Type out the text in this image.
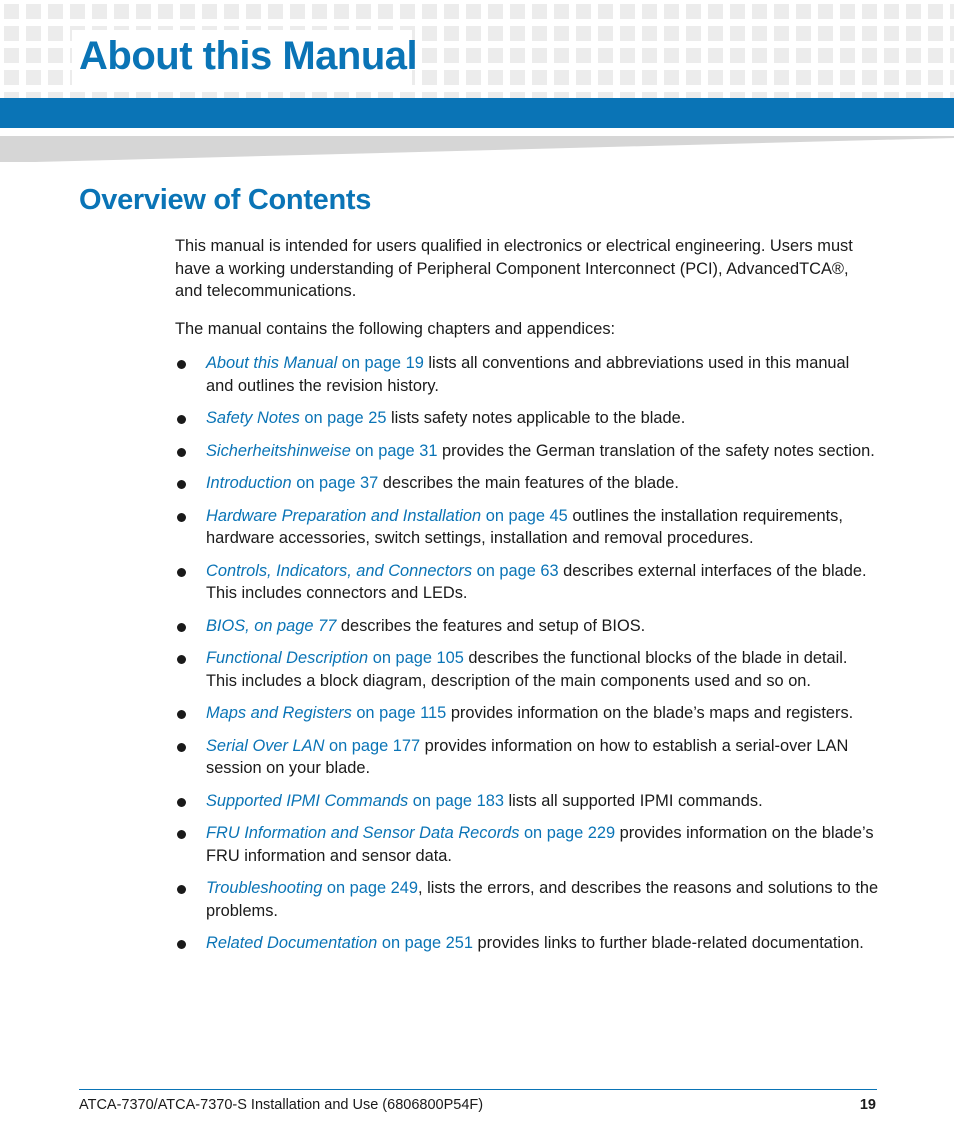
About this Manual
Overview of Contents

This manual is intended for users qualified in electronics or electrical engineering. Users must have a working understanding of Peripheral Component Interconnect (PCI), AdvancedTCA®, and telecommunications.

The manual contains the following chapters and appendices:

About this Manual on page 19 lists all conventions and abbreviations used in this manual and outlines the revision history.
Safety Notes on page 25 lists safety notes applicable to the blade.
Sicherheitshinweise on page 31 provides the German translation of the safety notes section.
Introduction on page 37 describes the main features of the blade.
Hardware Preparation and Installation on page 45 outlines the installation requirements, hardware accessories, switch settings, installation and removal procedures.
Controls, Indicators, and Connectors on page 63 describes external interfaces of the blade. This includes connectors and LEDs.
BIOS, on page 77 describes the features and setup of BIOS.
Functional Description on page 105 describes the functional blocks of the blade in detail. This includes a block diagram, description of the main components used and so on.
Maps and Registers on page 115 provides information on the blade’s maps and registers.
Serial Over LAN on page 177 provides information on how to establish a serial-over LAN session on your blade.
Supported IPMI Commands on page 183 lists all supported IPMI commands.
FRU Information and Sensor Data Records on page 229 provides information on the blade’s FRU information and sensor data.
Troubleshooting on page 249, lists the errors, and describes the reasons and solutions to the problems.
Related Documentation on page 251 provides links to further blade-related documentation.
ATCA-7370/ATCA-7370-S Installation and Use (6806800P54F)	19
